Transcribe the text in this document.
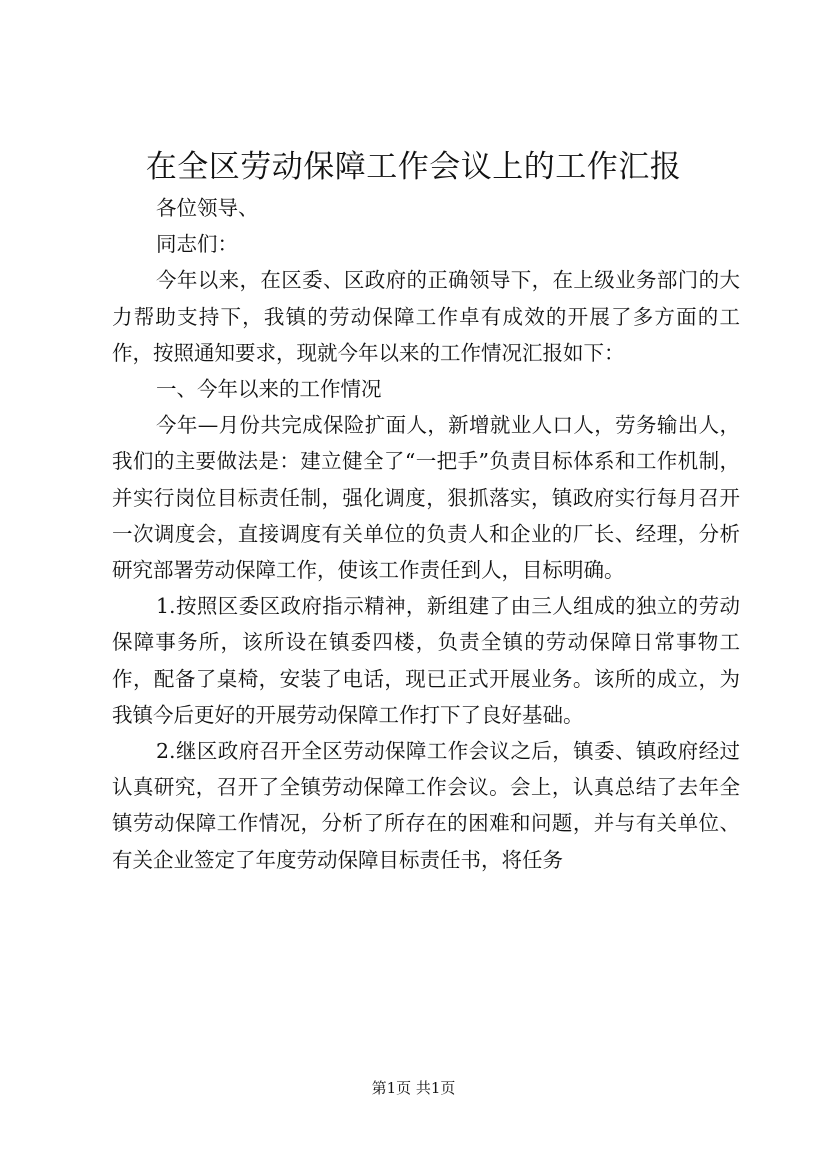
在全区劳动保障工作会议上的工作汇报

各位领导、

同志们：

今年以来，在区委、区政府的正确领导下，在上级业务部门的大力帮助支持下，我镇的劳动保障工作卓有成效的开展了多方面的工作，按照通知要求，现就今年以来的工作情况汇报如下：

一、今年以来的工作情况

今年—月份共完成保险扩面人，新增就业人口人，劳务输出人，我们的主要做法是：建立健全了“一把手”负责目标体系和工作机制，并实行岗位目标责任制，强化调度，狠抓落实，镇政府实行每月召开一次调度会，直接调度有关单位的负责人和企业的厂长、经理，分析研究部署劳动保障工作，使该工作责任到人，目标明确。

1.按照区委区政府指示精神，新组建了由三人组成的独立的劳动保障事务所，该所设在镇委四楼，负责全镇的劳动保障日常事物工作，配备了桌椅，安装了电话，现已正式开展业务。该所的成立，为我镇今后更好的开展劳动保障工作打下了良好基础。

2.继区政府召开全区劳动保障工作会议之后，镇委、镇政府经过认真研究，召开了全镇劳动保障工作会议。会上，认真总结了去年全镇劳动保障工作情况，分析了所存在的困难和问题，并与有关单位、有关企业签定了年度劳动保障目标责任书，将任务

第1页 共1页
